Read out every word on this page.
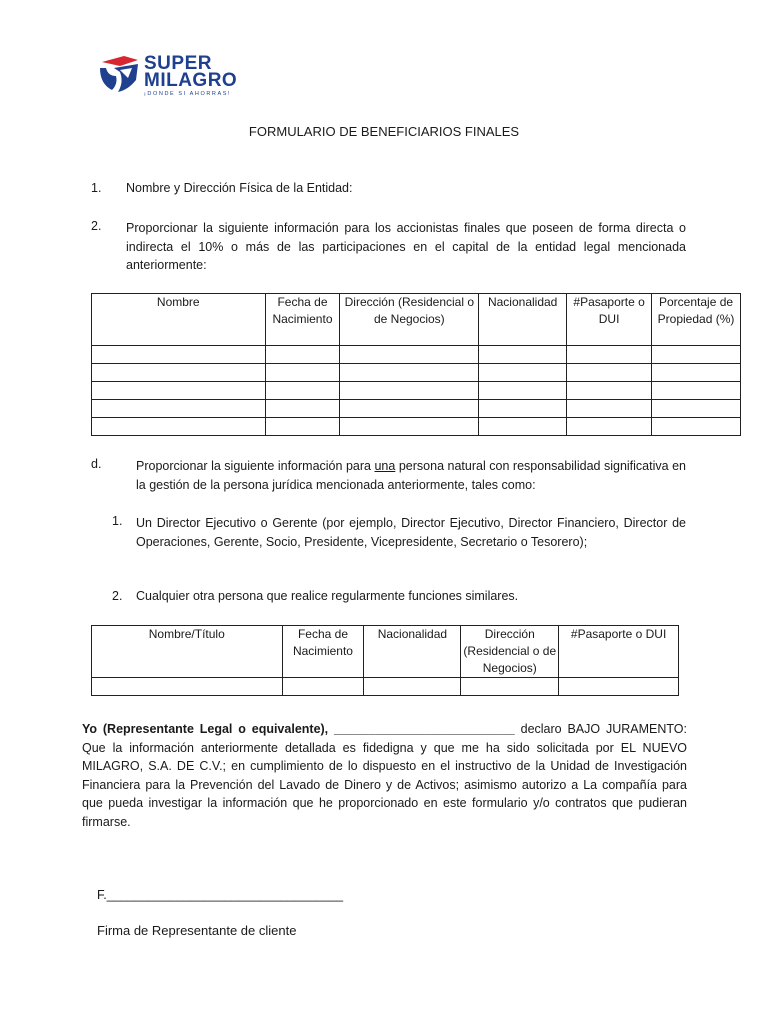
SUPER
MILAGRO
¡DONDE SI AHORRAS!
FORMULARIO DE BENEFICIARIOS FINALES
1.	Nombre y Dirección Física de la Entidad:
2.	Proporcionar la siguiente información para los accionistas finales que poseen de forma directa o indirecta el 10% o más de las participaciones en el capital de la entidad legal mencionada anteriormente:
Nombre	Fecha de Nacimiento	Dirección (Residencial o de Negocios)	Nacionalidad	#Pasaporte o DUI	Porcentaje de Propiedad (%)

d.	Proporcionar la siguiente información para una persona natural con responsabilidad significativa en la gestión de la persona jurídica mencionada anteriormente, tales como:
1.	Un Director Ejecutivo o Gerente (por ejemplo, Director Ejecutivo, Director Financiero, Director de Operaciones, Gerente, Socio, Presidente, Vicepresidente, Secretario o Tesorero);
2.	Cualquier otra persona que realice regularmente funciones similares.
Nombre/Título	Fecha de Nacimiento	Nacionalidad	Dirección (Residencial o de Negocios)	#Pasaporte o DUI

Yo (Representante Legal o equivalente), __________________________ declaro BAJO JURAMENTO: Que la información anteriormente detallada es fidedigna y que me ha sido solicitada por EL NUEVO MILAGRO, S.A. DE C.V.; en cumplimiento de lo dispuesto en el instructivo de la Unidad de Investigación Financiera para la Prevención del Lavado de Dinero y de Activos; asimismo autorizo a La compañía para que pueda investigar la información que he proporcionado en este formulario y/o contratos que pudieran firmarse.
F.__________________________________
Firma de Representante de cliente
